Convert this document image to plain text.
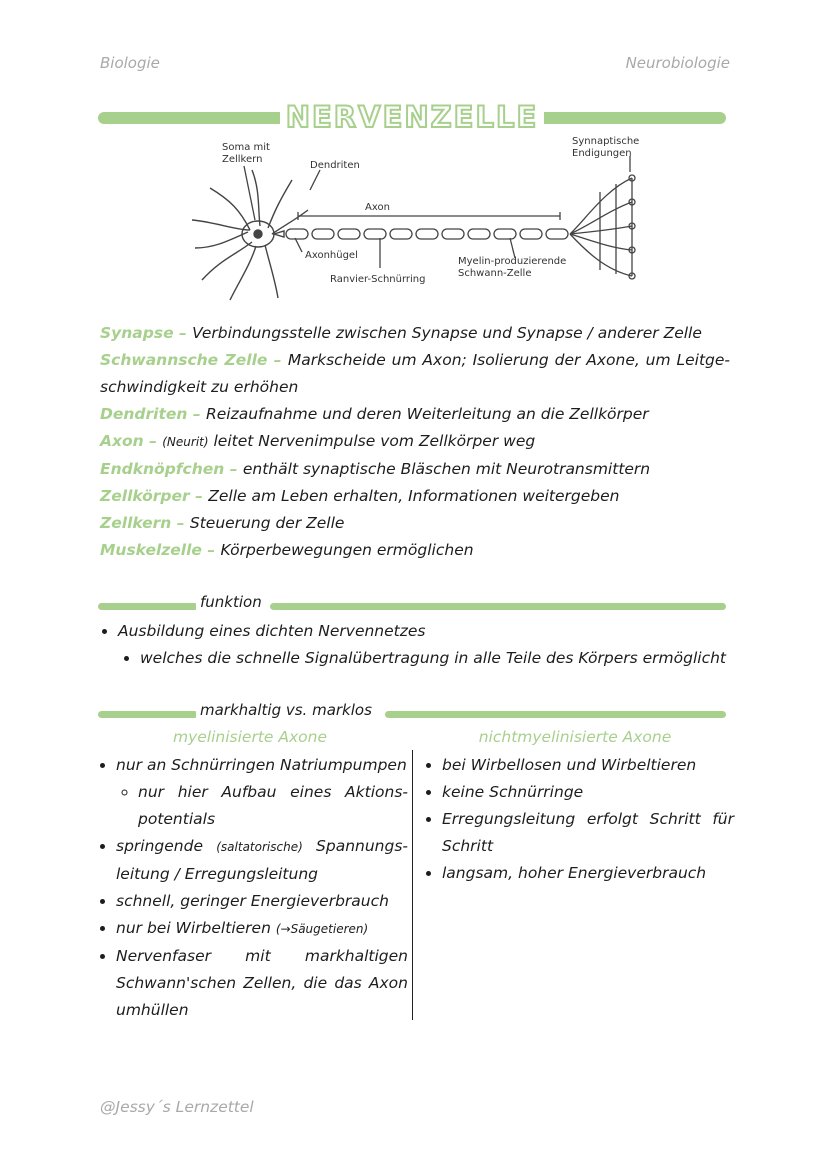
Biologie	Neurobiologie
NERVENZELLE
Soma mit
Zellkern
Dendriten
Axon
Axonhügel
Ranvier-Schnürring
Myelin-produzierende
Schwann-Zelle
Synnaptische
Endigungen
Synapse – Verbindungsstelle zwischen Synapse und Synapse / anderer Zelle
Schwannsche Zelle – Markscheide um Axon; Isolierung der Axone, um Leitge-schwindigkeit zu erhöhen
Dendriten – Reizaufnahme und deren Weiterleitung an die Zellkörper
Axon – (Neurit) leitet Nervenimpulse vom Zellkörper weg
Endknöpfchen – enthält synaptische Bläschen mit Neurotransmittern
Zellkörper – Zelle am Leben erhalten, Informationen weitergeben
Zellkern – Steuerung der Zelle
Muskelzelle – Körperbewegungen ermöglichen
funktion
• Ausbildung eines dichten Nervennetzes
• welches die schnelle Signalübertragung in alle Teile des Körpers ermöglicht
markhaltig vs. marklos
myelinisierte Axone	nichtmyelinisierte Axone
• nur an Schnürringen Natriumpumpen
◦ nur hier Aufbau eines Aktions-potentials
• springende (saltatorische) Spannungs-leitung / Erregungsleitung
• schnell, geringer Energieverbrauch
• nur bei Wirbeltieren (→Säugetieren)
• Nervenfaser mit markhaltigen Schwann'schen Zellen, die das Axon umhüllen
• bei Wirbellosen und Wirbeltieren
• keine Schnürringe
• Erregungsleitung erfolgt Schritt für Schritt
• langsam, hoher Energieverbrauch
@Jessy´s Lernzettel
